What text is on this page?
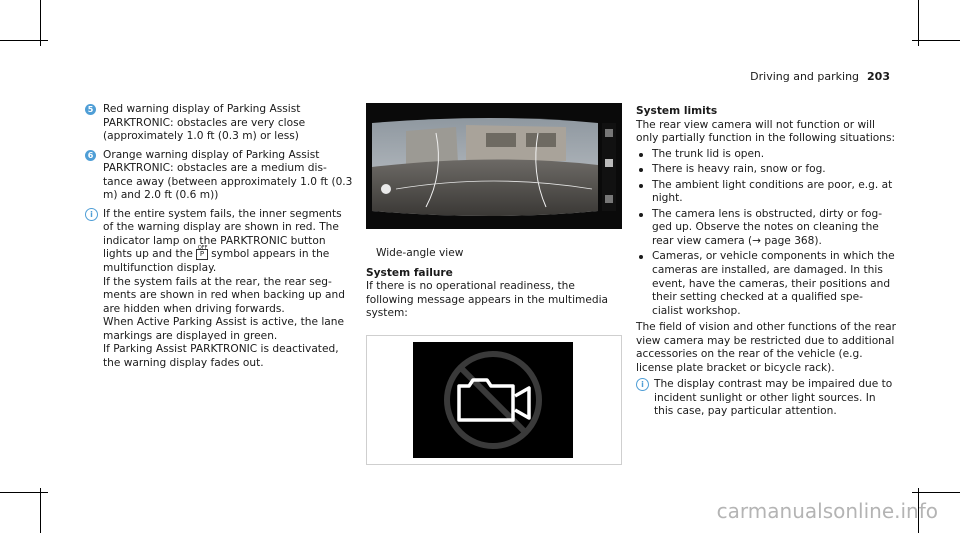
Driving and parking 203
5 Red warning display of Parking Assist PARKTRONIC: obstacles are very close (approximately 1.0 ft (0.3 m) or less)

6 Orange warning display of Parking Assist PARKTRONIC: obstacles are a medium dis-
tance away (between approximately 1.0 ft (0.3 m) and 2.0 ft (0.6 m))

i If the entire system fails, the inner segments of the warning display are shown in red. The indicator lamp on the PARKTRONIC button lights up and the OFF
P symbol appears in the multifunction display.

If the system fails at the rear, the rear seg-
ments are shown in red when backing up and are hidden when driving forwards.

When Active Parking Assist is active, the lane markings are displayed in green.

If Parking Assist PARKTRONIC is deactivated, the warning display fades out.

Wide-angle view

System failure

If there is no operational readiness, the following message appears in the multimedia system:

System limits

The rear view camera will not function or will only partially function in the following situations:

The trunk lid is open.
There is heavy rain, snow or fog.
The ambient light conditions are poor, e.g. at night.
The camera lens is obstructed, dirty or fog-
ged up. Observe the notes on cleaning the rear view camera (→ page 368).
Cameras, or vehicle components in which the cameras are installed, are damaged. In this event, have the cameras, their positions and their setting checked at a qualified spe-
cialist workshop.

The field of vision and other functions of the rear view camera may be restricted due to additional accessories on the rear of the vehicle (e.g. license plate bracket or bicycle rack).

i The display contrast may be impaired due to incident sunlight or other light sources. In this case, pay particular attention.

carmanualsonline.info
